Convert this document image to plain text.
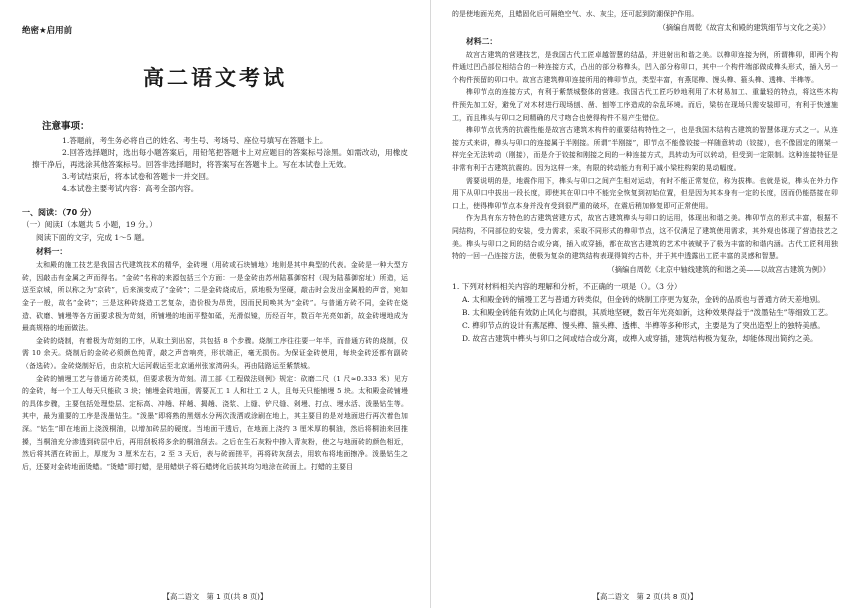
绝密★启用前
高二语文考试
注意事项：

1.答题前，考生务必将自己的姓名、考生号、考场号、座位号填写在答题卡上。

2.回答选择题时，选出每小题答案后，用铅笔把答题卡上对应题目的答案标号涂黑。如需改动，用橡皮擦干净后，再选涂其他答案标号。回答非选择题时，将答案写在答题卡上。写在本试卷上无效。

3.考试结束后，将本试卷和答题卡一并交回。

4.本试卷主要考试内容：高考全部内容。

一、阅读：（70 分）

（一）阅读Ⅰ（本题共 5 小题，19 分。）

阅读下面的文字，完成 1～5 题。

材料一：

太和殿的施工技艺是我国古代建筑技术的精华，金砖墁（用砖或石块铺地）地则是其中典型的代表。金砖是一种大型方砖，因敲击有金属之声而得名。“金砖”名称的来源包括三个方面：一是金砖由苏州陆慕御窑村（现为陆慕御窑址）所造，运送至京城，所以称之为“京砖”，后来演变成了“金砖”；二是金砖烧成后，质地极为坚硬，敲击时会发出金属般的声音，宛如金子一般，故名“金砖”；三是这种砖烧造工艺复杂，造价极为昂贵，因而民间唤其为“金砖”。与普通方砖不同，金砖在烧造、砍磨、铺墁等各方面要求极为苛刻，所铺墁的地面平整如砥，光滑似镜，历经百年，数百年光亮如新，故金砖墁地成为最高规格的地面做法。

金砖的烧制，有着极为苛刻的工序，从取土到出窑，共包括 8 个步骤。烧制工序往往要一年半，而普通方砖的烧制，仅需 10 余天。烧制后的金砖必须颜色纯青，敲之声音响亮，形状端正，毫无损伤。为保证金砖使用，每块金砖还都有副砖（备选砖）。金砖烧制好后，由京杭大运河载运至北京通州张家湾码头，再由陆路运至紫禁城。

金砖的铺墁工艺与普通方砖类似，但要求极为苛刻。清工部《工程做法则例》规定：砍磨二尺（1 尺≈0.333 米）见方的金砖，每一个工人每天只能砍 3 块；铺墁金砖地面，需要瓦工 1 人和壮工 2 人，且每天只能铺墁 5 块。太和殿金砖铺墁的具体步骤，主要包括处理垫层、定标高、冲趟、样趟、揭趟、浇浆、上缝、铲尺缝、剁墁、打点、墁水活、泼墨钻生等。其中，最为重要的工序是泼墨钻生。“泼墨”即将熟的黑烟水分两次泼洒或涂刷在地上，其主要目的是对地面进行再次着色加深。“钻生”即在地面上浇泼桐油，以增加砖层的硬度。当地面干透后，在地面上浇约 3 厘米厚的桐油，然后将桐油来回推搡，当桐油充分渗透到砖层中后，再用刮板将多余的桐油刮去。之后在生石灰粉中掺入青灰粉，使之与地面砖的颜色相近，然后将其洒在砖面上，厚度为 3 厘米左右，2 至 3 天后，表与砖面搓平，再将砖灰刮去，用软布将地面擦净。泼墨钻生之后，还要对金砖地面烫蜡。“烫蜡”即打蜡，是用蜡烘子将石蜡烤化后拔其均匀地涂在砖面上。打蜡的主要目

【高二语文　第 1 页(共 8 页)】

的是使地面光亮，且蜡固化后可隔绝空气、水、灰尘，还可起到防潮保护作用。

（摘编自周乾《故宫太和殿的建筑细节与文化之美》）

材料二：

故宫古建筑的营建技艺，是我国古代工匠卓越智慧的结晶，并迸射出和谐之美。以榫卯连接为例，所谓榫卯，即两个构件通过凹凸部位相结合的一种连接方式，凸出的部分称榫头，凹入部分称卯口，其中一个构件端部做成榫头形式，插入另一个构件预留的卯口中。故宫古建筑榫卯连接所用的榫卯节点，类型丰富，有燕尾榫、馒头榫、箍头榫、透榫、半榫等。

榫卯节点的连接方式，有利于紫禁城整体的营建。我国古代工匠巧妙地利用了木材易加工、重量轻的特点，将这些木构件预先加工好，避免了对木材进行现场刨、凿、刨等工序造成的杂乱环境。而后，梁枋在现场只需安装即可，有利于快速施工，而且榫头与卯口之间精确的尺寸吻合也使得构件不易产生错位。

榫卯节点优秀的抗震性能是故宫古建筑木构件的重要结构特性之一，也是我国木结构古建筑的智慧体现方式之一。从连接方式来讲，榫头与卯口的连接属于半刚接。所谓“半刚接”，即节点不能像铰接一样随意转动（铰接），也不像固定的刚架一样完全无法转动（刚接），而是介于铰接和刚接之间的一种连接方式，具转动为可以转动，但受到一定限制。这种连接特征是非常有利于古建筑抗震的。因为这样一来，有限的转动能力有利于减小梁柱构架的晃动幅度。

需要说明的是，地震作用下，榫头与卯口之间产生相对运动，有时不能正常复位，称为拔榫。也就是说，榫头在外力作用下从卯口中拔出一段长度，即使其在卯口中不能完全恢复到初始位置，但是因为其本身有一定的长度，因而仍能搭接在卯口上，使得榫卯节点本身并没有受到很严重的破坏，在震后稍加修复即可正常使用。

作为具有东方特色的古建筑营建方式，故宫古建筑榫头与卯口的运用，体现出和谐之美。榫卯节点的形式丰富，根据不同结构，不同部位的安装，受力需求，采取不同形式的榫卯节点，这不仅满足了建筑使用需求，其外观也体现了营造技艺之美。榫头与卯口之间的结合或分离，插入或穿插，都在故宫古建筑的艺术中被赋予了极为丰富的和谐内涵。古代工匠利用独特的一回一凸连接方法，使极为复杂的建筑结构表现得简约古朴，并于其中透露出工匠丰富的灵感和智慧。

（摘编自周乾《北京中轴线建筑的和谐之美——以故宫古建筑为例》）

1. 下列对材料相关内容的理解和分析，不正确的一项是（）。（3 分）

A. 太和殿金砖的铺墁工艺与普通方砖类似，但金砖的烧制工序更为复杂，金砖的品质也与普通方砖天差地别。

B. 太和殿金砖能有效防止风化与磨损，其质地坚硬，数百年光亮如新，这种效果得益于“泼墨钻生”等细致工艺。

C. 榫卯节点的设计有燕尾榫、馒头榫、箍头榫、透榫、半榫等多种形式，主要是为了突出造型上的独特美感。

D. 故宫古建筑中榫头与卯口之间或结合或分离，或榫入或穿插，建筑结构极为复杂，却能体现出简约之美。

【高二语文　第 2 页(共 8 页)】
